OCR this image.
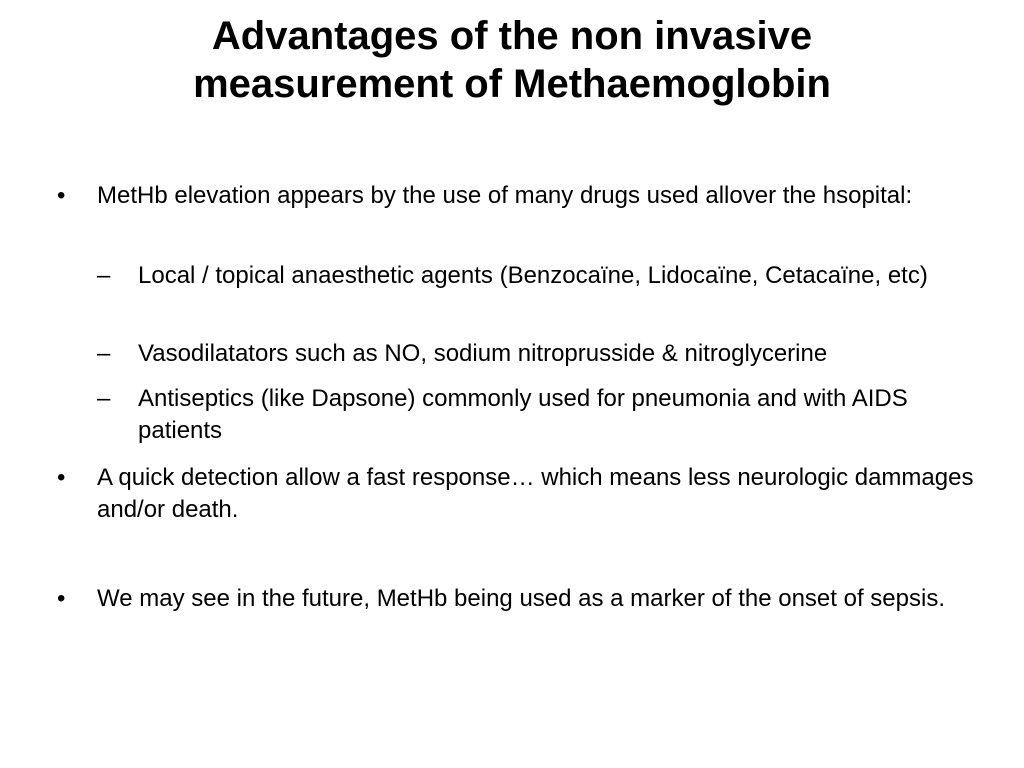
Advantages of the non invasive
measurement of Methaemoglobin
• MetHb elevation appears by the use of many drugs used allover the hsopital:
– Local / topical anaesthetic agents (Benzocaïne, Lidocaïne, Cetacaïne, etc)
– Vasodilatators such as NO, sodium nitroprusside & nitroglycerine
– Antiseptics (like Dapsone) commonly used for pneumonia and with AIDS patients
• A quick detection allow a fast response… which means less neurologic dammages and/or death.
• We may see in the future, MetHb being used as a marker of the onset of sepsis.
